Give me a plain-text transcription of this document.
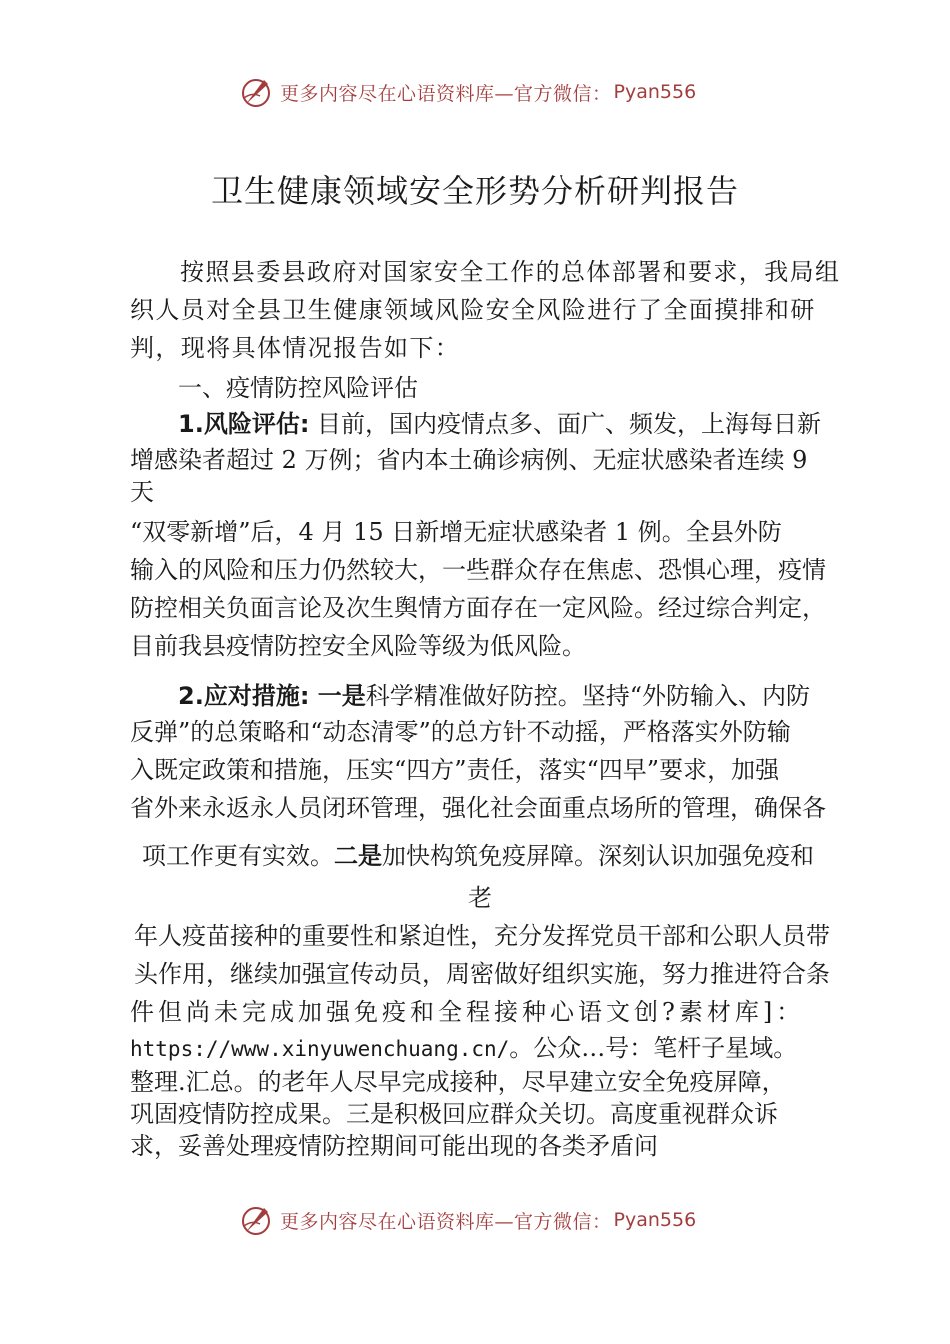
更多内容尽在心语资料库—官方微信： Pyan556
卫生健康领域安全形势分析研判报告
按照县委县政府对国家安全工作的总体部署和要求，我局组
织人员对全县卫生健康领域风险安全风险进行了全面摸排和研
判，现将具体情况报告如下：
一、疫情防控风险评估
1.风险评估: 目前，国内疫情点多、面广、频发，上海每日新
增感染者超过 2 万例；省内本土确诊病例、无症状感染者连续 9
天
“双零新增”后，4 月 15 日新增无症状感染者 1 例。全县外防
输入的风险和压力仍然较大，一些群众存在焦虑、恐惧心理，疫情
防控相关负面言论及次生舆情方面存在一定风险。经过综合判定，
目前我县疫情防控安全风险等级为低风险。
2.应对措施: 一是科学精准做好防控。坚持“外防输入、内防
反弹”的总策略和“动态清零”的总方针不动摇，严格落实外防输
入既定政策和措施，压实“四方”责任，落实“四早”要求，加强
省外来永返永人员闭环管理，强化社会面重点场所的管理，确保各
项工作更有实效。二是加快构筑免疫屏障。深刻认识加强免疫和
老
年人疫苗接种的重要性和紧迫性，充分发挥党员干部和公职人员带
头作用，继续加强宣传动员，周密做好组织实施，努力推进符合条
件但尚未完成加强免疫和全程接种心语文创?素材库]：
https://www.xinyuwenchuang.cn/。公众…号：笔杆子星域。
整理.汇总。的老年人尽早完成接种，尽早建立安全免疫屏障，
巩固疫情防控成果。三是积极回应群众关切。高度重视群众诉
求，妥善处理疫情防控期间可能出现的各类矛盾问
更多内容尽在心语资料库—官方微信： Pyan556
